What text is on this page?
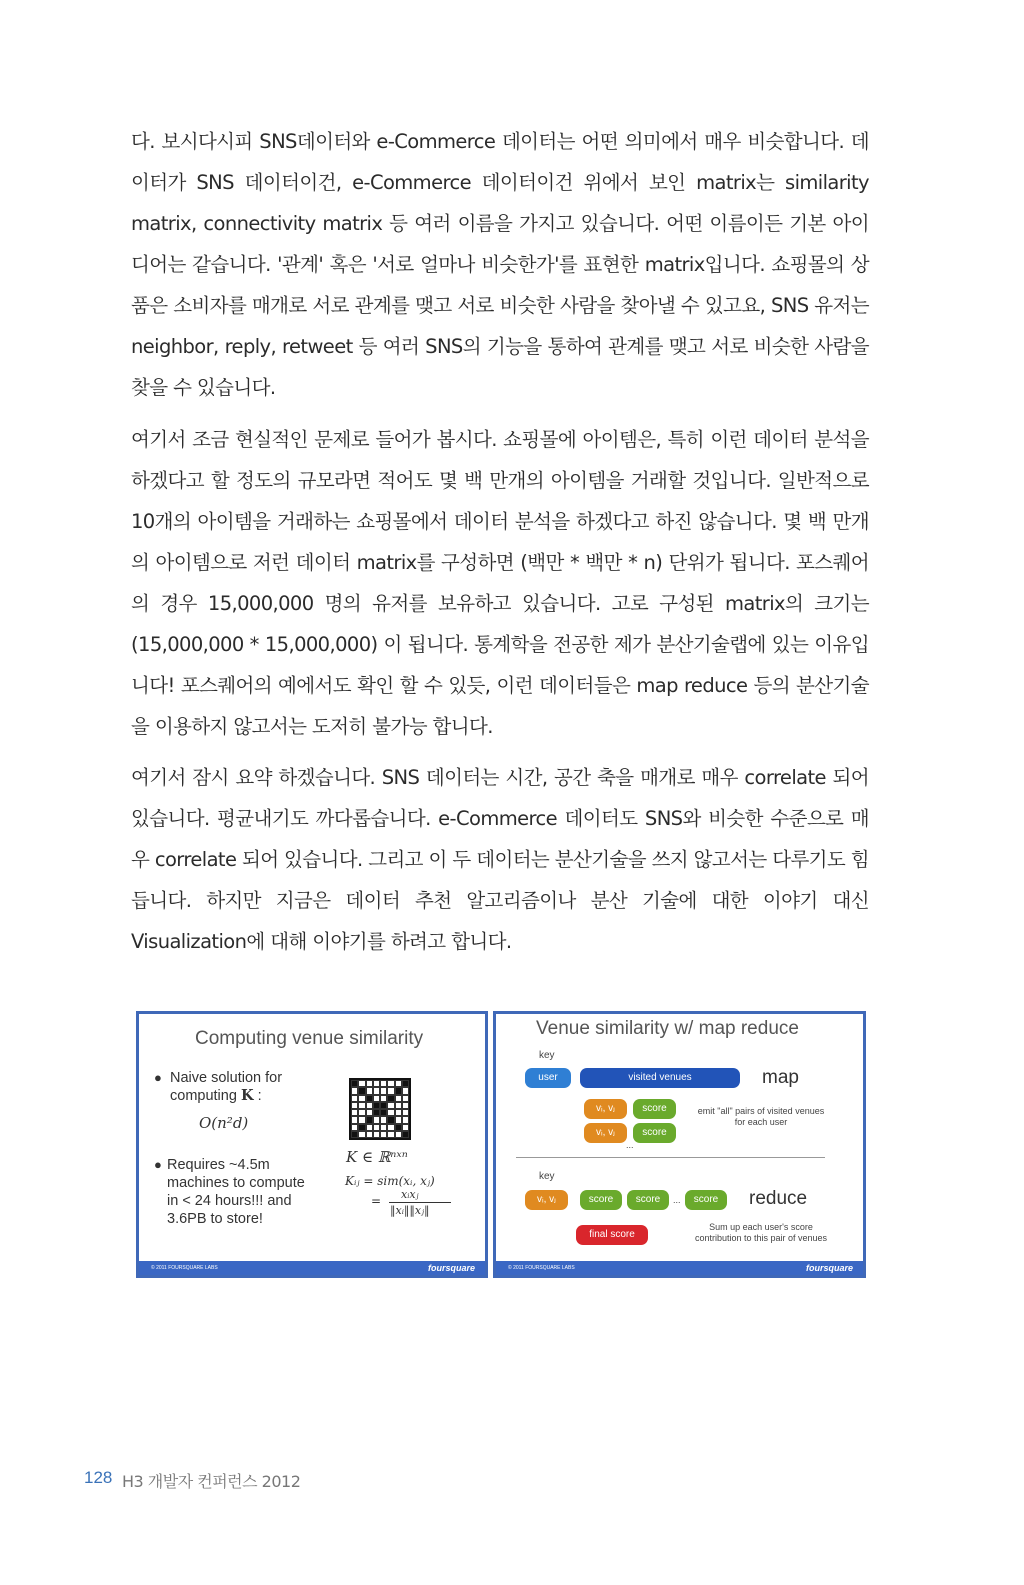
다. 보시다시피 SNS데이터와 e-Commerce 데이터는 어떤 의미에서 매우 비슷합니다. 데이터가 SNS 데이터이건, e-Commerce 데이터이건 위에서 보인 matrix는 similarity matrix, connectivity matrix 등 여러 이름을 가지고 있습니다. 어떤 이름이든 기본 아이디어는 같습니다. '관계' 혹은 '서로 얼마나 비슷한가'를 표현한 matrix입니다. 쇼핑몰의 상품은 소비자를 매개로 서로 관계를 맺고 서로 비슷한 사람을 찾아낼 수 있고요, SNS 유저는 neighbor, reply, retweet 등 여러 SNS의 기능을 통하여 관계를 맺고 서로 비슷한 사람을 찾을 수 있습니다.

여기서 조금 현실적인 문제로 들어가 봅시다. 쇼핑몰에 아이템은, 특히 이런 데이터 분석을 하겠다고 할 정도의 규모라면 적어도 몇 백 만개의 아이템을 거래할 것입니다. 일반적으로 10개의 아이템을 거래하는 쇼핑몰에서 데이터 분석을 하겠다고 하진 않습니다. 몇 백 만개의 아이템으로 저런 데이터 matrix를 구성하면 (백만 * 백만 * n) 단위가 됩니다. 포스퀘어의 경우 15,000,000 명의 유저를 보유하고 있습니다. 고로 구성된 matrix의 크기는 (15,000,000 * 15,000,000) 이 됩니다. 통계학을 전공한 제가 분산기술랩에 있는 이유입니다! 포스퀘어의 예에서도 확인 할 수 있듯, 이런 데이터들은 map reduce 등의 분산기술을 이용하지 않고서는 도저히 불가능 합니다.

여기서 잠시 요약 하겠습니다. SNS 데이터는 시간, 공간 축을 매개로 매우 correlate 되어 있습니다. 평균내기도 까다롭습니다. e-Commerce 데이터도 SNS와 비슷한 수준으로 매우 correlate 되어 있습니다. 그리고 이 두 데이터는 분산기술을 쓰지 않고서는 다루기도 힘듭니다. 하지만 지금은 데이터 추천 알고리즘이나 분산 기술에 대한 이야기 대신 Visualization에 대해 이야기를 하려고 합니다.

Computing venue similarity
● Naive solution for
computing K :
O(n²d)
● Requires ~4.5m
machines to compute
in < 24 hours!!! and
3.6PB to store!
K ∈ ℝⁿˣⁿ
Kᵢⱼ = sim(xᵢ, xⱼ)
= xᵢxⱼ
‖xᵢ‖‖xⱼ‖
© 2011 FOURSQUARE LABS	foursquare
Venue similarity w/ map reduce
key
user	visited venues	map
vᵢ, vⱼ	score
vᵢ, vⱼ	score
...
emit "all" pairs of visited venues
for each user
key
vᵢ, vⱼ	score	score	...	score	reduce
final score
Sum up each user's score
contribution to this pair of venues
© 2011 FOURSQUARE LABS	foursquare
128 H3 개발자 컨퍼런스 2012
